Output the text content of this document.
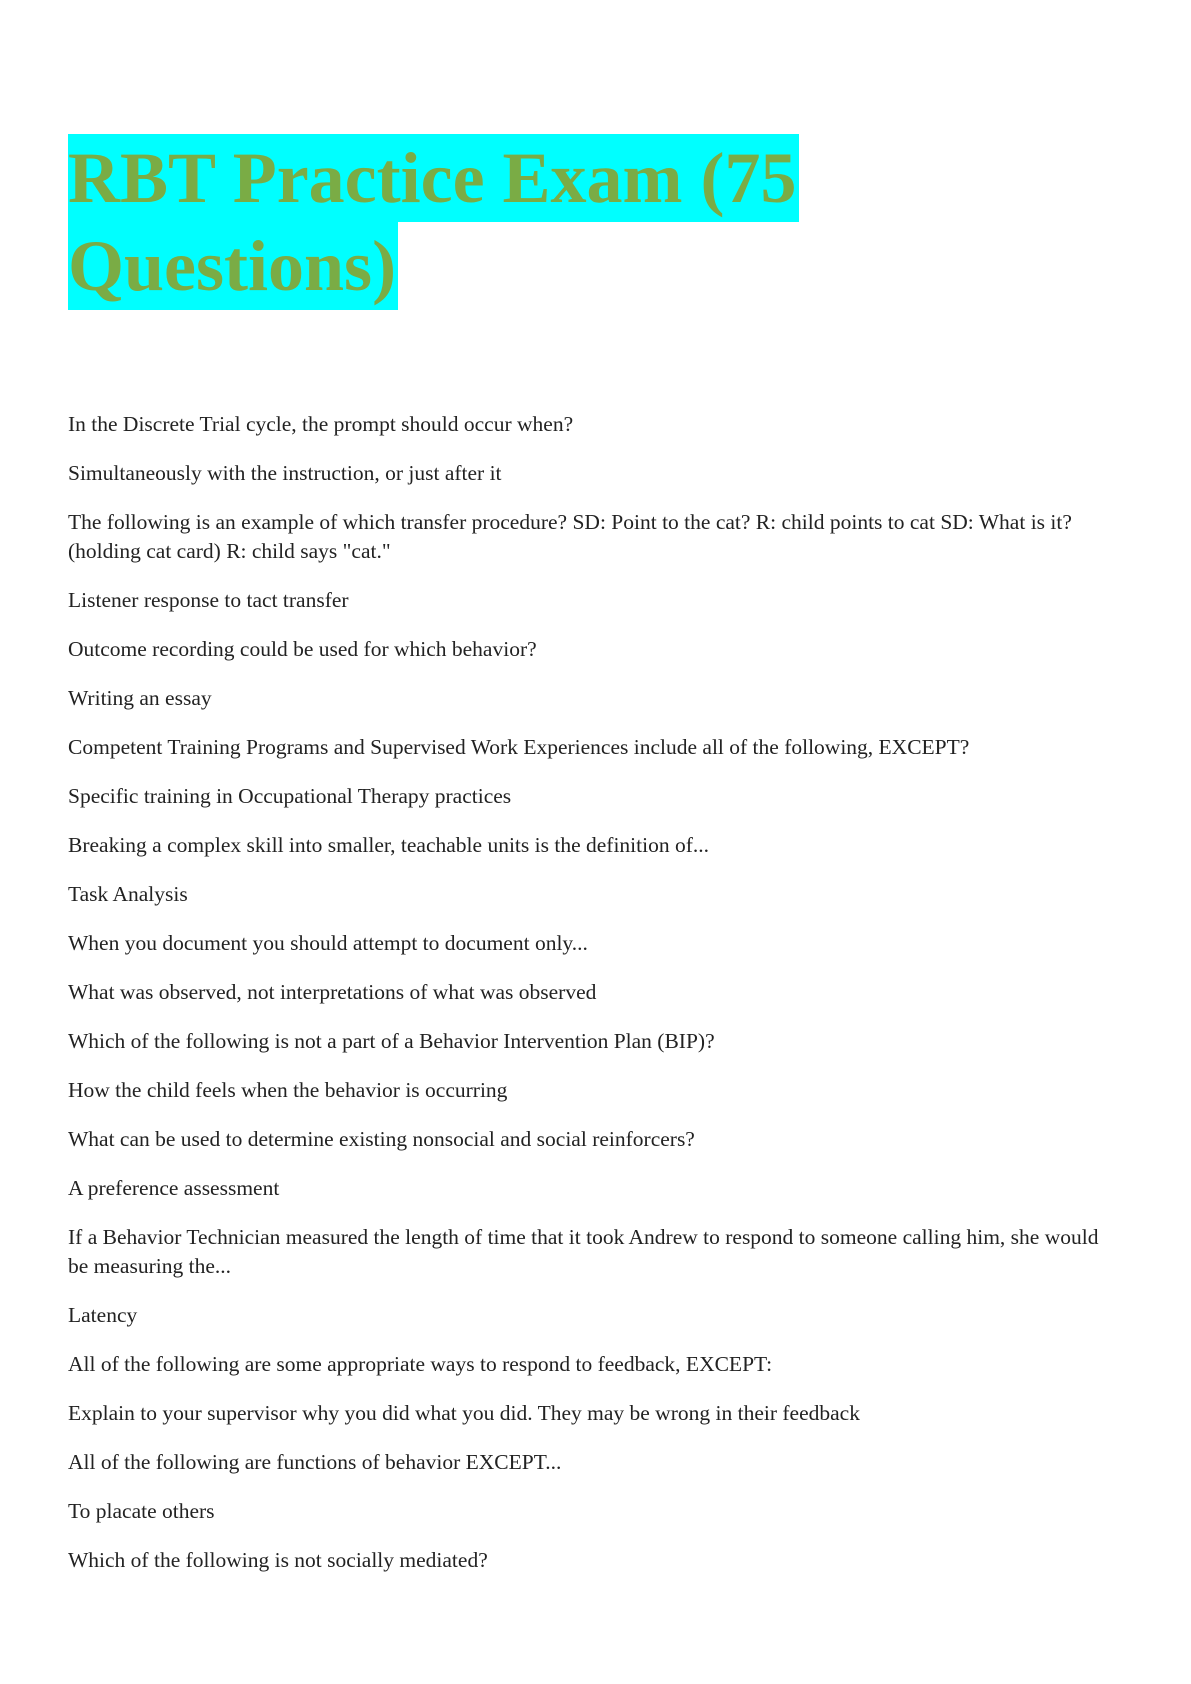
RBT Practice Exam (75
Questions)

In the Discrete Trial cycle, the prompt should occur when?

Simultaneously with the instruction, or just after it

The following is an example of which transfer procedure? SD: Point to the cat? R: child points to cat SD: What is it? (holding cat card) R: child says "cat."

Listener response to tact transfer

Outcome recording could be used for which behavior?

Writing an essay

Competent Training Programs and Supervised Work Experiences include all of the following, EXCEPT?

Specific training in Occupational Therapy practices

Breaking a complex skill into smaller, teachable units is the definition of...

Task Analysis

When you document you should attempt to document only...

What was observed, not interpretations of what was observed

Which of the following is not a part of a Behavior Intervention Plan (BIP)?

How the child feels when the behavior is occurring

What can be used to determine existing nonsocial and social reinforcers?

A preference assessment

If a Behavior Technician measured the length of time that it took Andrew to respond to someone calling him, she would be measuring the...

Latency

All of the following are some appropriate ways to respond to feedback, EXCEPT:

Explain to your supervisor why you did what you did. They may be wrong in their feedback

All of the following are functions of behavior EXCEPT...

To placate others

Which of the following is not socially mediated?
